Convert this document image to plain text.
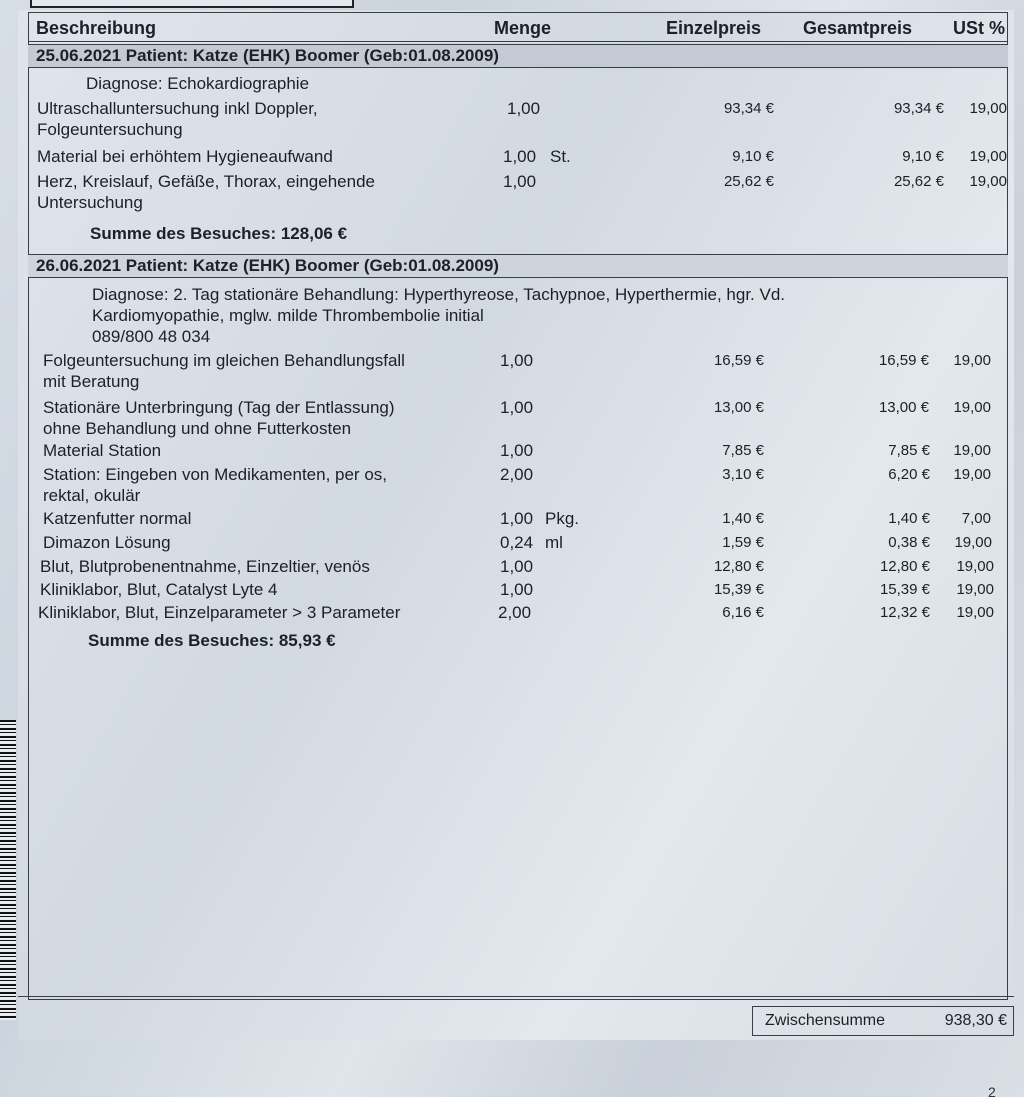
Beschreibung	Menge	Einzelpreis Gesamtpreis USt %
25.06.2021 Patient: Katze (EHK) Boomer (Geb:01.08.2009)
Diagnose: Echokardiographie
Ultraschalluntersuchung inkl Doppler,
Folgeuntersuchung
1,00	93,34 €	93,34 € 19,00
Material bei erhöhtem Hygieneaufwand	1,00 St.	9,10 €	9,10 € 19,00
Herz, Kreislauf, Gefäße, Thorax, eingehende
Untersuchung
1,00	25,62 €	25,62 € 19,00
Summe des Besuches: 128,06 €
26.06.2021 Patient: Katze (EHK) Boomer (Geb:01.08.2009)
Diagnose: 2. Tag stationäre Behandlung: Hyperthyreose, Tachypnoe, Hyperthermie, hgr. Vd.
Kardiomyopathie, mglw. milde Thrombembolie initial
089/800 48 034
Folgeuntersuchung im gleichen Behandlungsfall
mit Beratung
1,00	16,59 €	16,59 € 19,00
Stationäre Unterbringung (Tag der Entlassung)
ohne Behandlung und ohne Futterkosten
1,00	13,00 €	13,00 € 19,00
Material Station	1,00	7,85 €	7,85 € 19,00
Station: Eingeben von Medikamenten, per os,
rektal, okulär
2,00	3,10 €	6,20 € 19,00
Katzenfutter normal	1,00 Pkg.	1,40 €	1,40 € 7,00
Dimazon Lösung	0,24 ml	1,59 €	0,38 € 19,00
Blut, Blutprobenentnahme, Einzeltier, venös	1,00	12,80 €	12,80 € 19,00
Kliniklabor, Blut, Catalyst Lyte 4	1,00	15,39 €	15,39 € 19,00
Kliniklabor, Blut, Einzelparameter > 3 Parameter	2,00	6,16 €	12,32 € 19,00
Summe des Besuches: 85,93 €
Zwischensumme	938,30 €
2
